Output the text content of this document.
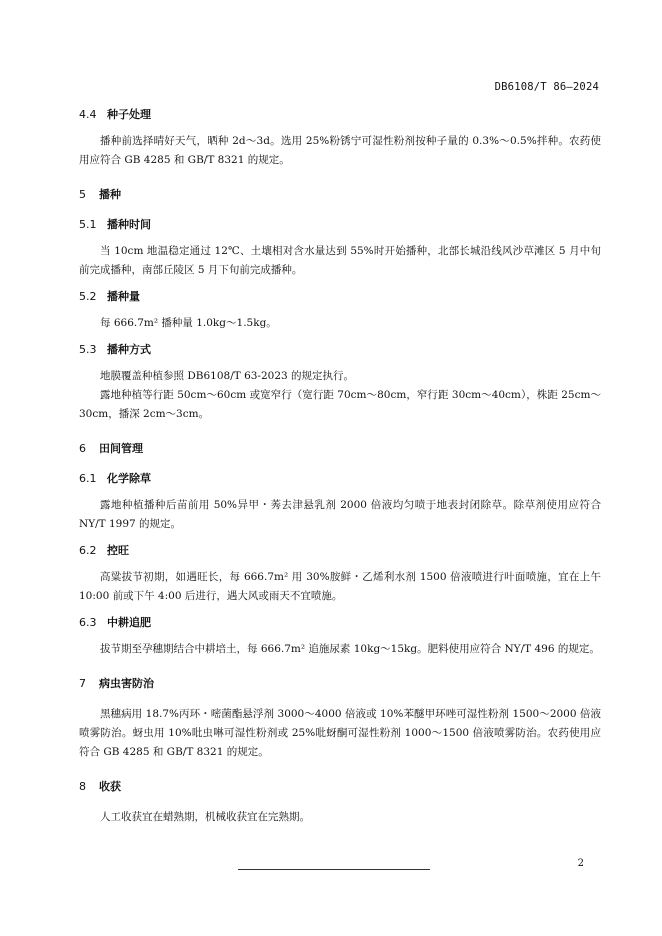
DB6108/T 86—2024
4.4 种子处理

播种前选择晴好天气，晒种 2d～3d。选用 25%粉锈宁可湿性粉剂按种子量的 0.3%～0.5%拌种。农药使用应符合 GB 4285 和 GB/T 8321 的规定。

5 播种
5.1 播种时间

当 10cm 地温稳定通过 12℃、土壤相对含水量达到 55%时开始播种，北部长城沿线风沙草滩区 5 月中旬前完成播种，南部丘陵区 5 月下旬前完成播种。

5.2 播种量

每 666.7m² 播种量 1.0kg～1.5kg。

5.3 播种方式

地膜覆盖种植参照 DB6108/T 63-2023 的规定执行。

露地种植等行距 50cm～60cm 或宽窄行（宽行距 70cm～80cm，窄行距 30cm～40cm），株距 25cm～30cm，播深 2cm～3cm。

6 田间管理
6.1 化学除草

露地种植播种后苗前用 50%异甲・莠去津悬乳剂 2000 倍液均匀喷于地表封闭除草。除草剂使用应符合 NY/T 1997 的规定。

6.2 控旺

高粱拔节初期，如遇旺长，每 666.7m² 用 30%胺鲜・乙烯利水剂 1500 倍液喷进行叶面喷施，宜在上午 10:00 前或下午 4:00 后进行，遇大风或雨天不宜喷施。

6.3 中耕追肥

拔节期至孕穗期结合中耕培土，每 666.7m² 追施尿素 10kg～15kg。肥料使用应符合 NY/T 496 的规定。

7 病虫害防治

黑穗病用 18.7%丙环・嘧菌酯悬浮剂 3000～4000 倍液或 10%苯醚甲环唑可湿性粉剂 1500～2000 倍液喷雾防治。蚜虫用 10%吡虫啉可湿性粉剂或 25%吡蚜酮可湿性粉剂 1000～1500 倍液喷雾防治。农药使用应符合 GB 4285 和 GB/T 8321 的规定。

8 收获

人工收获宜在蜡熟期，机械收获宜在完熟期。

2
